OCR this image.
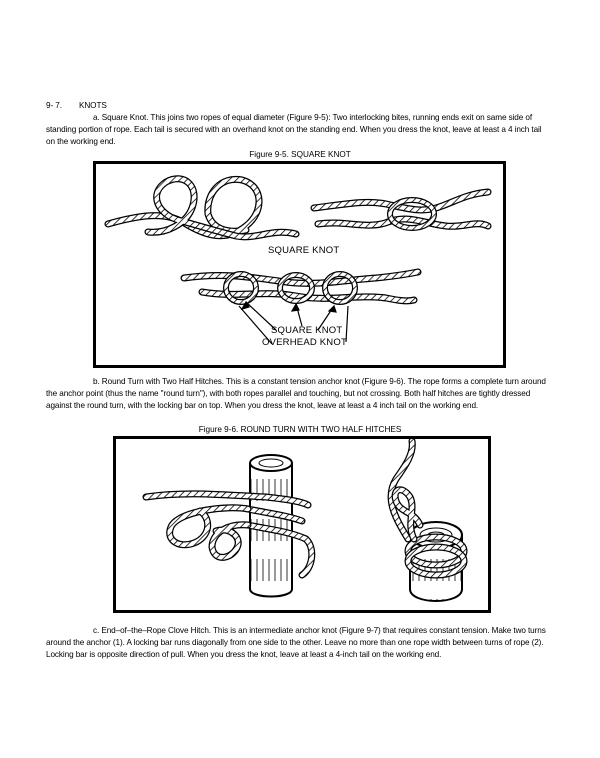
9- 7. KNOTS
a. Square Knot. This joins two ropes of equal diameter (Figure 9-5): Two interlocking bites, running ends exit on same side of standing portion of rope. Each tail is secured with an overhand knot on the standing end. When you dress the knot, leave at least a 4 inch tail on the working end.
Figure 9-5. SQUARE KNOT
SQUARE KNOT
SQUARE KNOT
OVERHEAD KNOT
b. Round Turn with Two Half Hitches. This is a constant tension anchor knot (Figure 9-6). The rope forms a complete turn around the anchor point (thus the name "round turn"), with both ropes parallel and touching, but not crossing. Both half hitches are tightly dressed against the round turn, with the locking bar on top. When you dress the knot, leave at least a 4 inch tail on the working end.
Figure 9-6. ROUND TURN WITH TWO HALF HITCHES
c. End–of–the–Rope Clove Hitch. This is an intermediate anchor knot (Figure 9-7) that requires constant tension. Make two turns around the anchor (1). A locking bar runs diagonally from one side to the other. Leave no more than one rope width between turns of rope (2). Locking bar is opposite direction of pull. When you dress the knot, leave at least a 4-inch tail on the working end.
